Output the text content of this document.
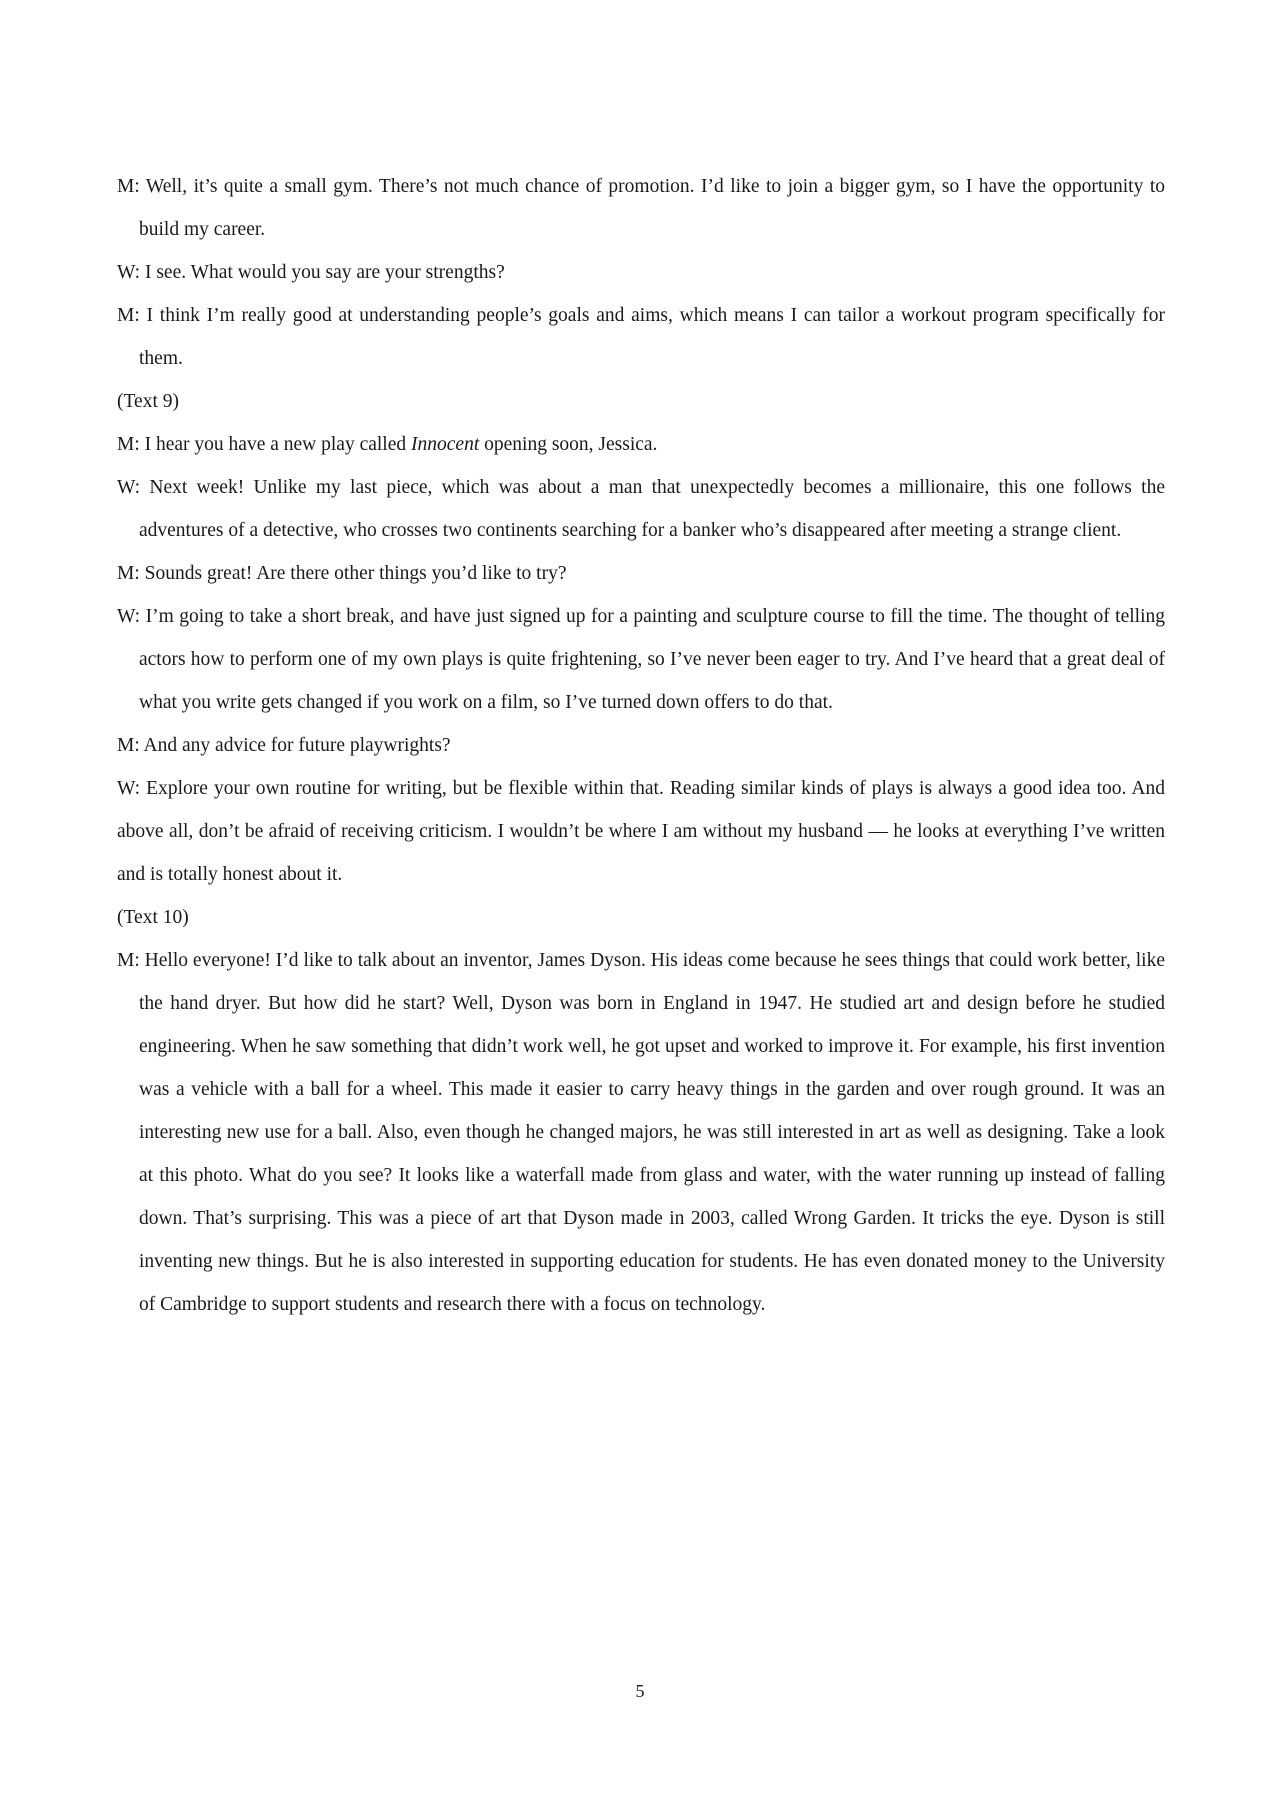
M: Well, it’s quite a small gym. There’s not much chance of promotion. I’d like to join a bigger gym, so I have the opportunity to build my career.

W: I see. What would you say are your strengths?

M: I think I’m really good at understanding people’s goals and aims, which means I can tailor a workout program specifically for them.

(Text 9)

M: I hear you have a new play called Innocent opening soon, Jessica.

W: Next week! Unlike my last piece, which was about a man that unexpectedly becomes a millionaire, this one follows the adventures of a detective, who crosses two continents searching for a banker who’s disappeared after meeting a strange client.

M: Sounds great! Are there other things you’d like to try?

W: I’m going to take a short break, and have just signed up for a painting and sculpture course to fill the time. The thought of telling actors how to perform one of my own plays is quite frightening, so I’ve never been eager to try. And I’ve heard that a great deal of what you write gets changed if you work on a film, so I’ve turned down offers to do that.

M: And any advice for future playwrights?

W: Explore your own routine for writing, but be flexible within that. Reading similar kinds of plays is always a good idea too. And above all, don’t be afraid of receiving criticism. I wouldn’t be where I am without my husband — he looks at everything I’ve written and is totally honest about it.

(Text 10)

M: Hello everyone! I’d like to talk about an inventor, James Dyson. His ideas come because he sees things that could work better, like the hand dryer. But how did he start? Well, Dyson was born in England in 1947. He studied art and design before he studied engineering. When he saw something that didn’t work well, he got upset and worked to improve it. For example, his first invention was a vehicle with a ball for a wheel. This made it easier to carry heavy things in the garden and over rough ground. It was an interesting new use for a ball. Also, even though he changed majors, he was still interested in art as well as designing. Take a look at this photo. What do you see? It looks like a waterfall made from glass and water, with the water running up instead of falling down. That’s surprising. This was a piece of art that Dyson made in 2003, called Wrong Garden. It tricks the eye. Dyson is still inventing new things. But he is also interested in supporting education for students. He has even donated money to the University of Cambridge to support students and research there with a focus on technology.

5
